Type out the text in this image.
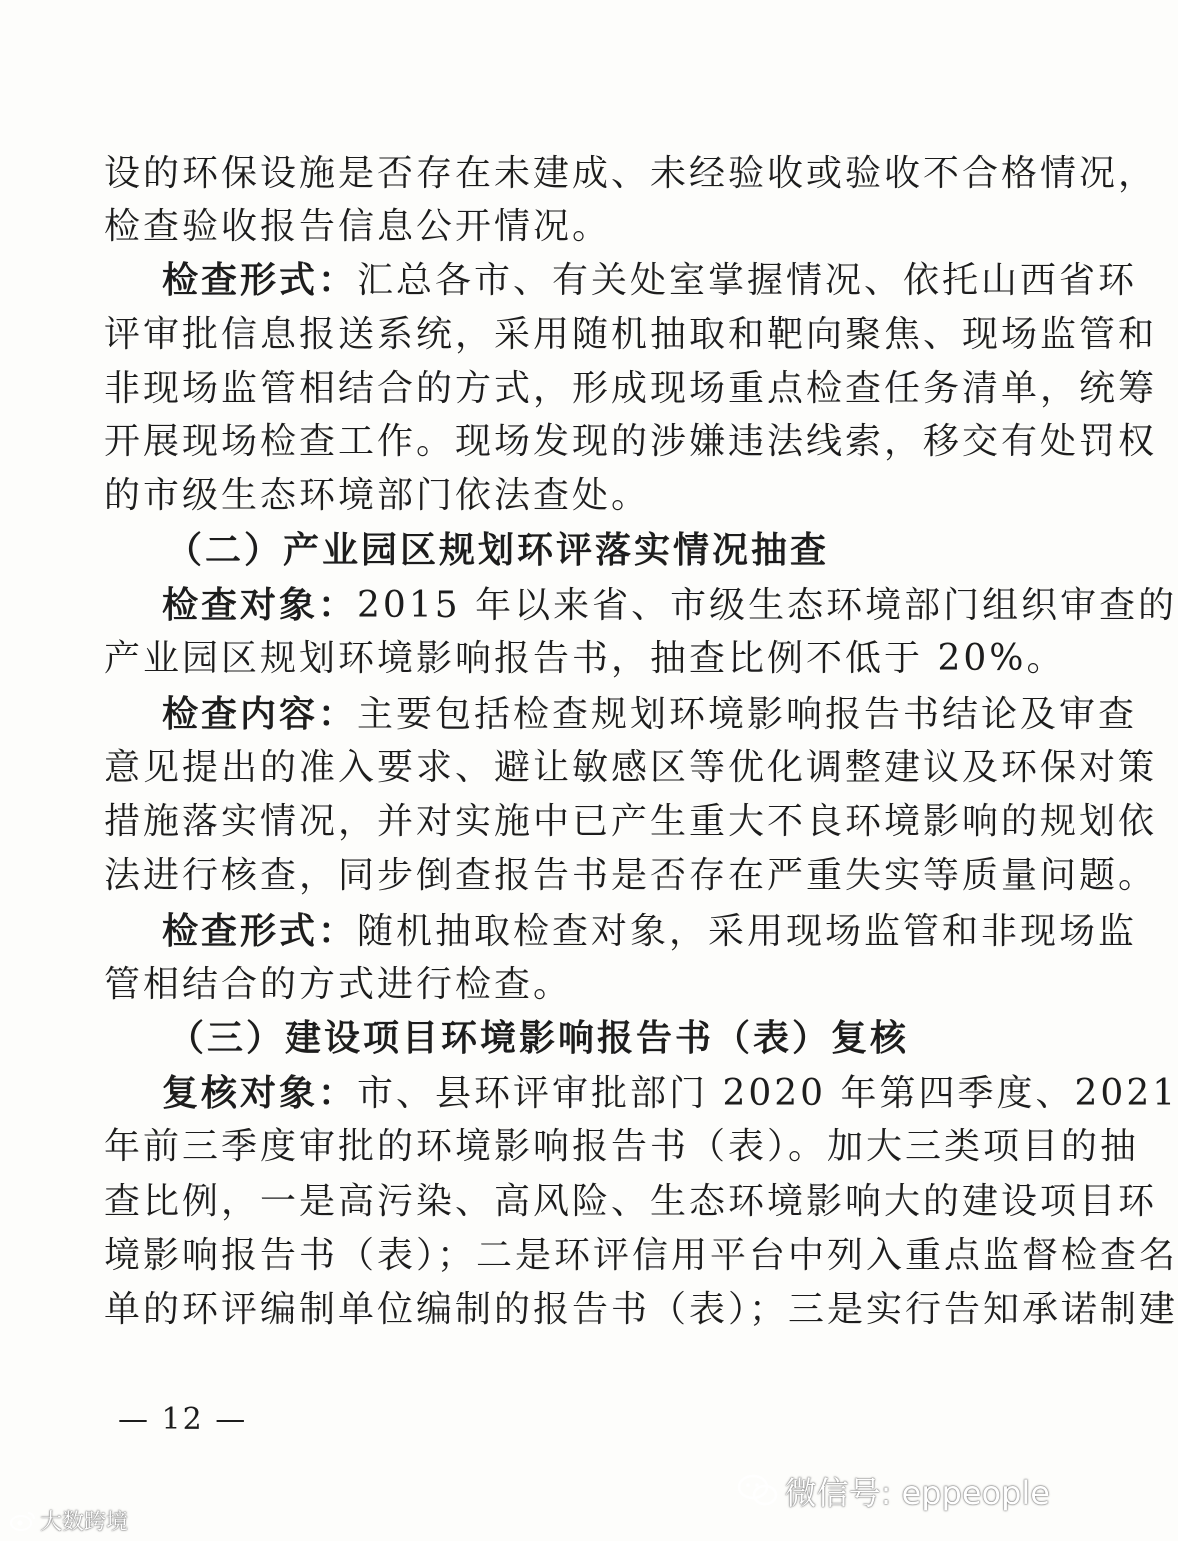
设的环保设施是否存在未建成、未经验收或验收不合格情况，
检查验收报告信息公开情况。
检查形式：汇总各市、有关处室掌握情况、依托山西省环
评审批信息报送系统，采用随机抽取和靶向聚焦、现场监管和
非现场监管相结合的方式，形成现场重点检查任务清单，统筹
开展现场检查工作。现场发现的涉嫌违法线索，移交有处罚权
的市级生态环境部门依法查处。
（二）产业园区规划环评落实情况抽查
检查对象：2015 年以来省、市级生态环境部门组织审查的
产业园区规划环境影响报告书，抽查比例不低于 20%。
检查内容：主要包括检查规划环境影响报告书结论及审查
意见提出的准入要求、避让敏感区等优化调整建议及环保对策
措施落实情况，并对实施中已产生重大不良环境影响的规划依
法进行核查，同步倒查报告书是否存在严重失实等质量问题。
检查形式：随机抽取检查对象，采用现场监管和非现场监
管相结合的方式进行检查。
（三）建设项目环境影响报告书（表）复核
复核对象：市、县环评审批部门 2020 年第四季度、2021
年前三季度审批的环境影响报告书（表）。加大三类项目的抽
查比例，一是高污染、高风险、生态环境影响大的建设项目环
境影响报告书（表）；二是环评信用平台中列入重点监督检查名
单的环评编制单位编制的报告书（表）；三是实行告知承诺制建
— 12 —
微信号: eppeople
大数跨境
